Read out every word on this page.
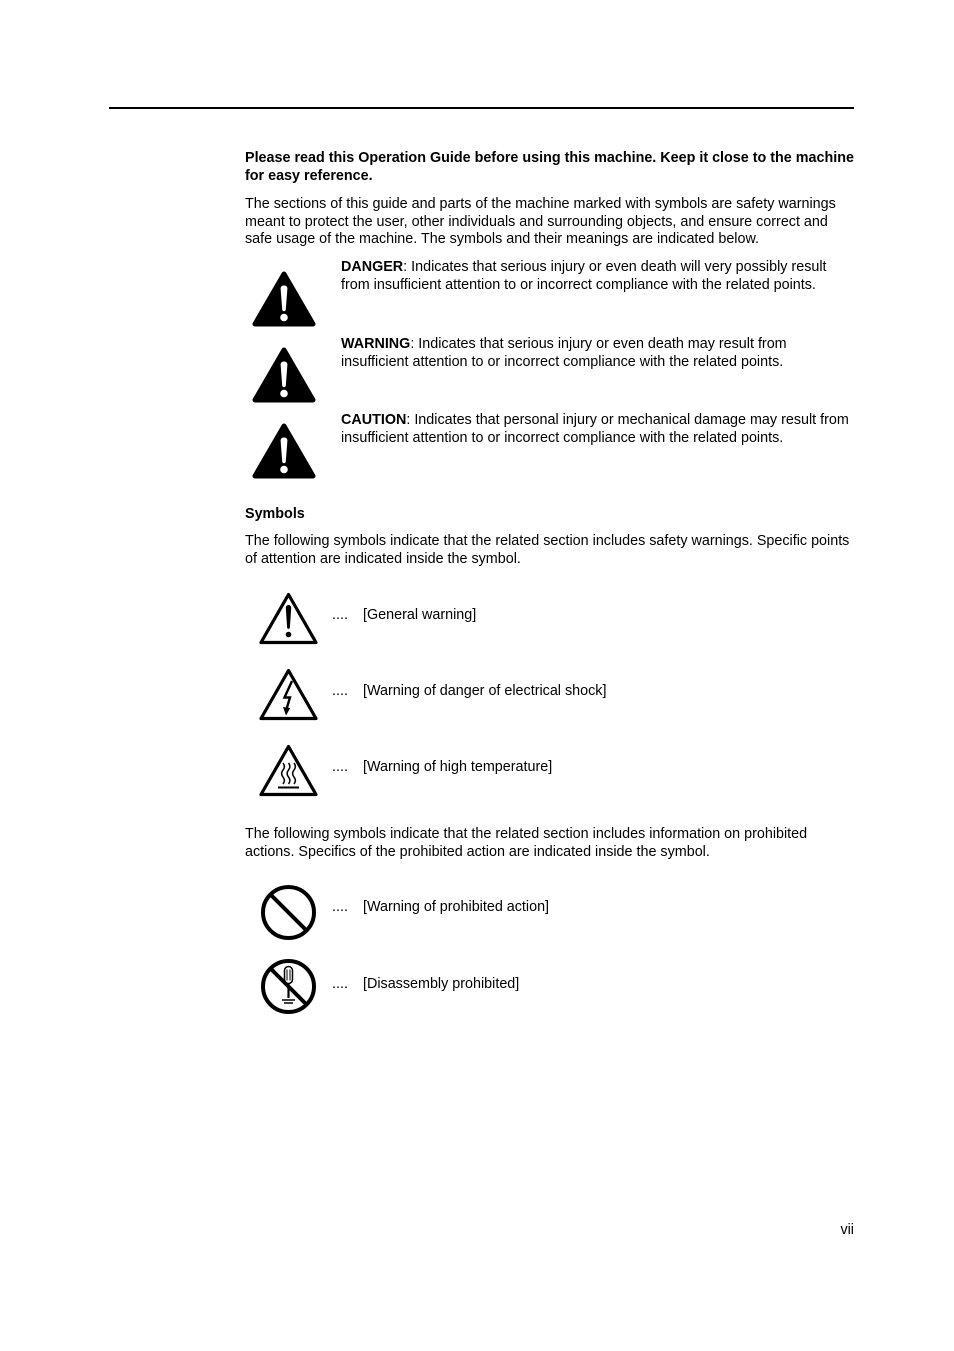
Please read this Operation Guide before using this machine. Keep it close to the machine
for easy reference.
The sections of this guide and parts of the machine marked with symbols are safety warnings
meant to protect the user, other individuals and surrounding objects, and ensure correct and
safe usage of the machine. The symbols and their meanings are indicated below.
DANGER: Indicates that serious injury or even death will very possibly result
from insufficient attention to or incorrect compliance with the related points.
WARNING: Indicates that serious injury or even death may result from
insufficient attention to or incorrect compliance with the related points.
CAUTION: Indicates that personal injury or mechanical damage may result from
insufficient attention to or incorrect compliance with the related points.
Symbols
The following symbols indicate that the related section includes safety warnings. Specific points
of attention are indicated inside the symbol.
.... [General warning]
.... [Warning of danger of electrical shock]
.... [Warning of high temperature]
The following symbols indicate that the related section includes information on prohibited
actions. Specifics of the prohibited action are indicated inside the symbol.
.... [Warning of prohibited action]
.... [Disassembly prohibited]
vii
